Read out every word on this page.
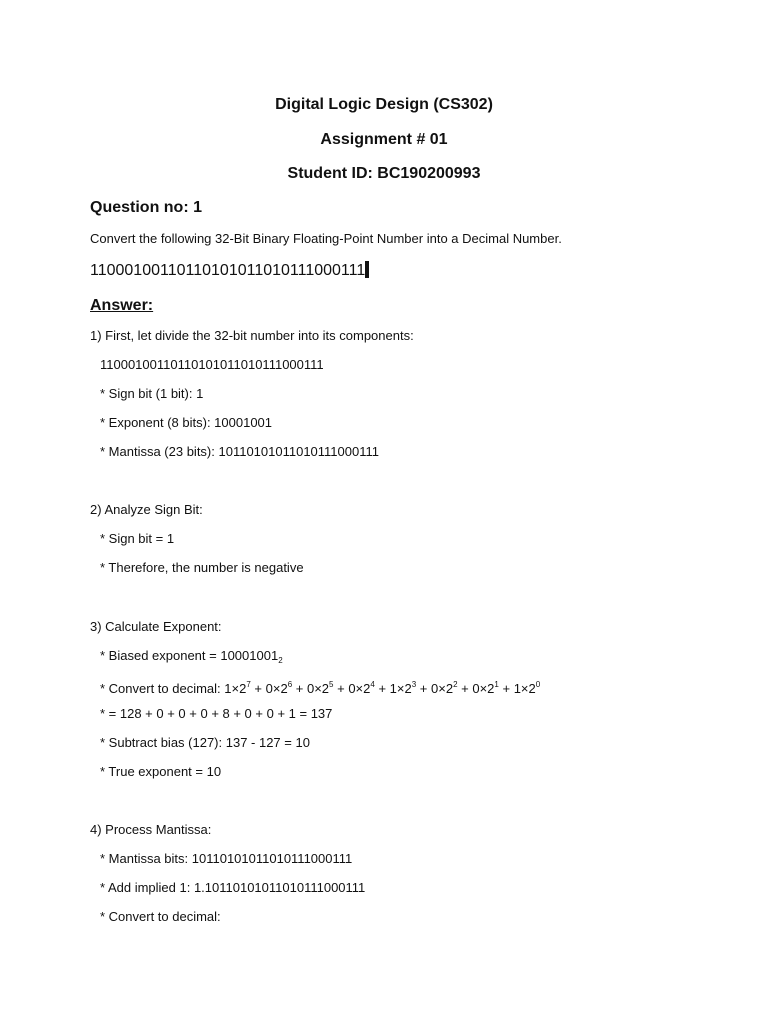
Digital Logic Design (CS302)
Assignment # 01
Student ID: BC190200993
Question no: 1
Convert the following 32-Bit Binary Floating-Point Number into a Decimal Number.
11000100110110101011010111000111
Answer:
1) First, let divide the 32-bit number into its components:
11000100110110101011010111000111
* Sign bit (1 bit): 1
* Exponent (8 bits): 10001001
* Mantissa (23 bits): 10110101011010111000111
2) Analyze Sign Bit:
* Sign bit = 1
* Therefore, the number is negative
3) Calculate Exponent:
* Biased exponent = $10001001_2$
* Convert to decimal: $1\times 2^7 + 0\times 2^6 + 0\times 2^5 + 0\times 2^4 + 1\times 2^3 + 0\times 2^2 + 0\times 2^1 + 1\times 2^0$
* = 128 + 0 + 0 + 0 + 8 + 0 + 0 + 1 = 137
* Subtract bias (127): 137 - 127 = 10
* True exponent = 10
4) Process Mantissa:
* Mantissa bits: 10110101011010111000111
* Add implied 1: 1.10110101011010111000111
* Convert to decimal:
